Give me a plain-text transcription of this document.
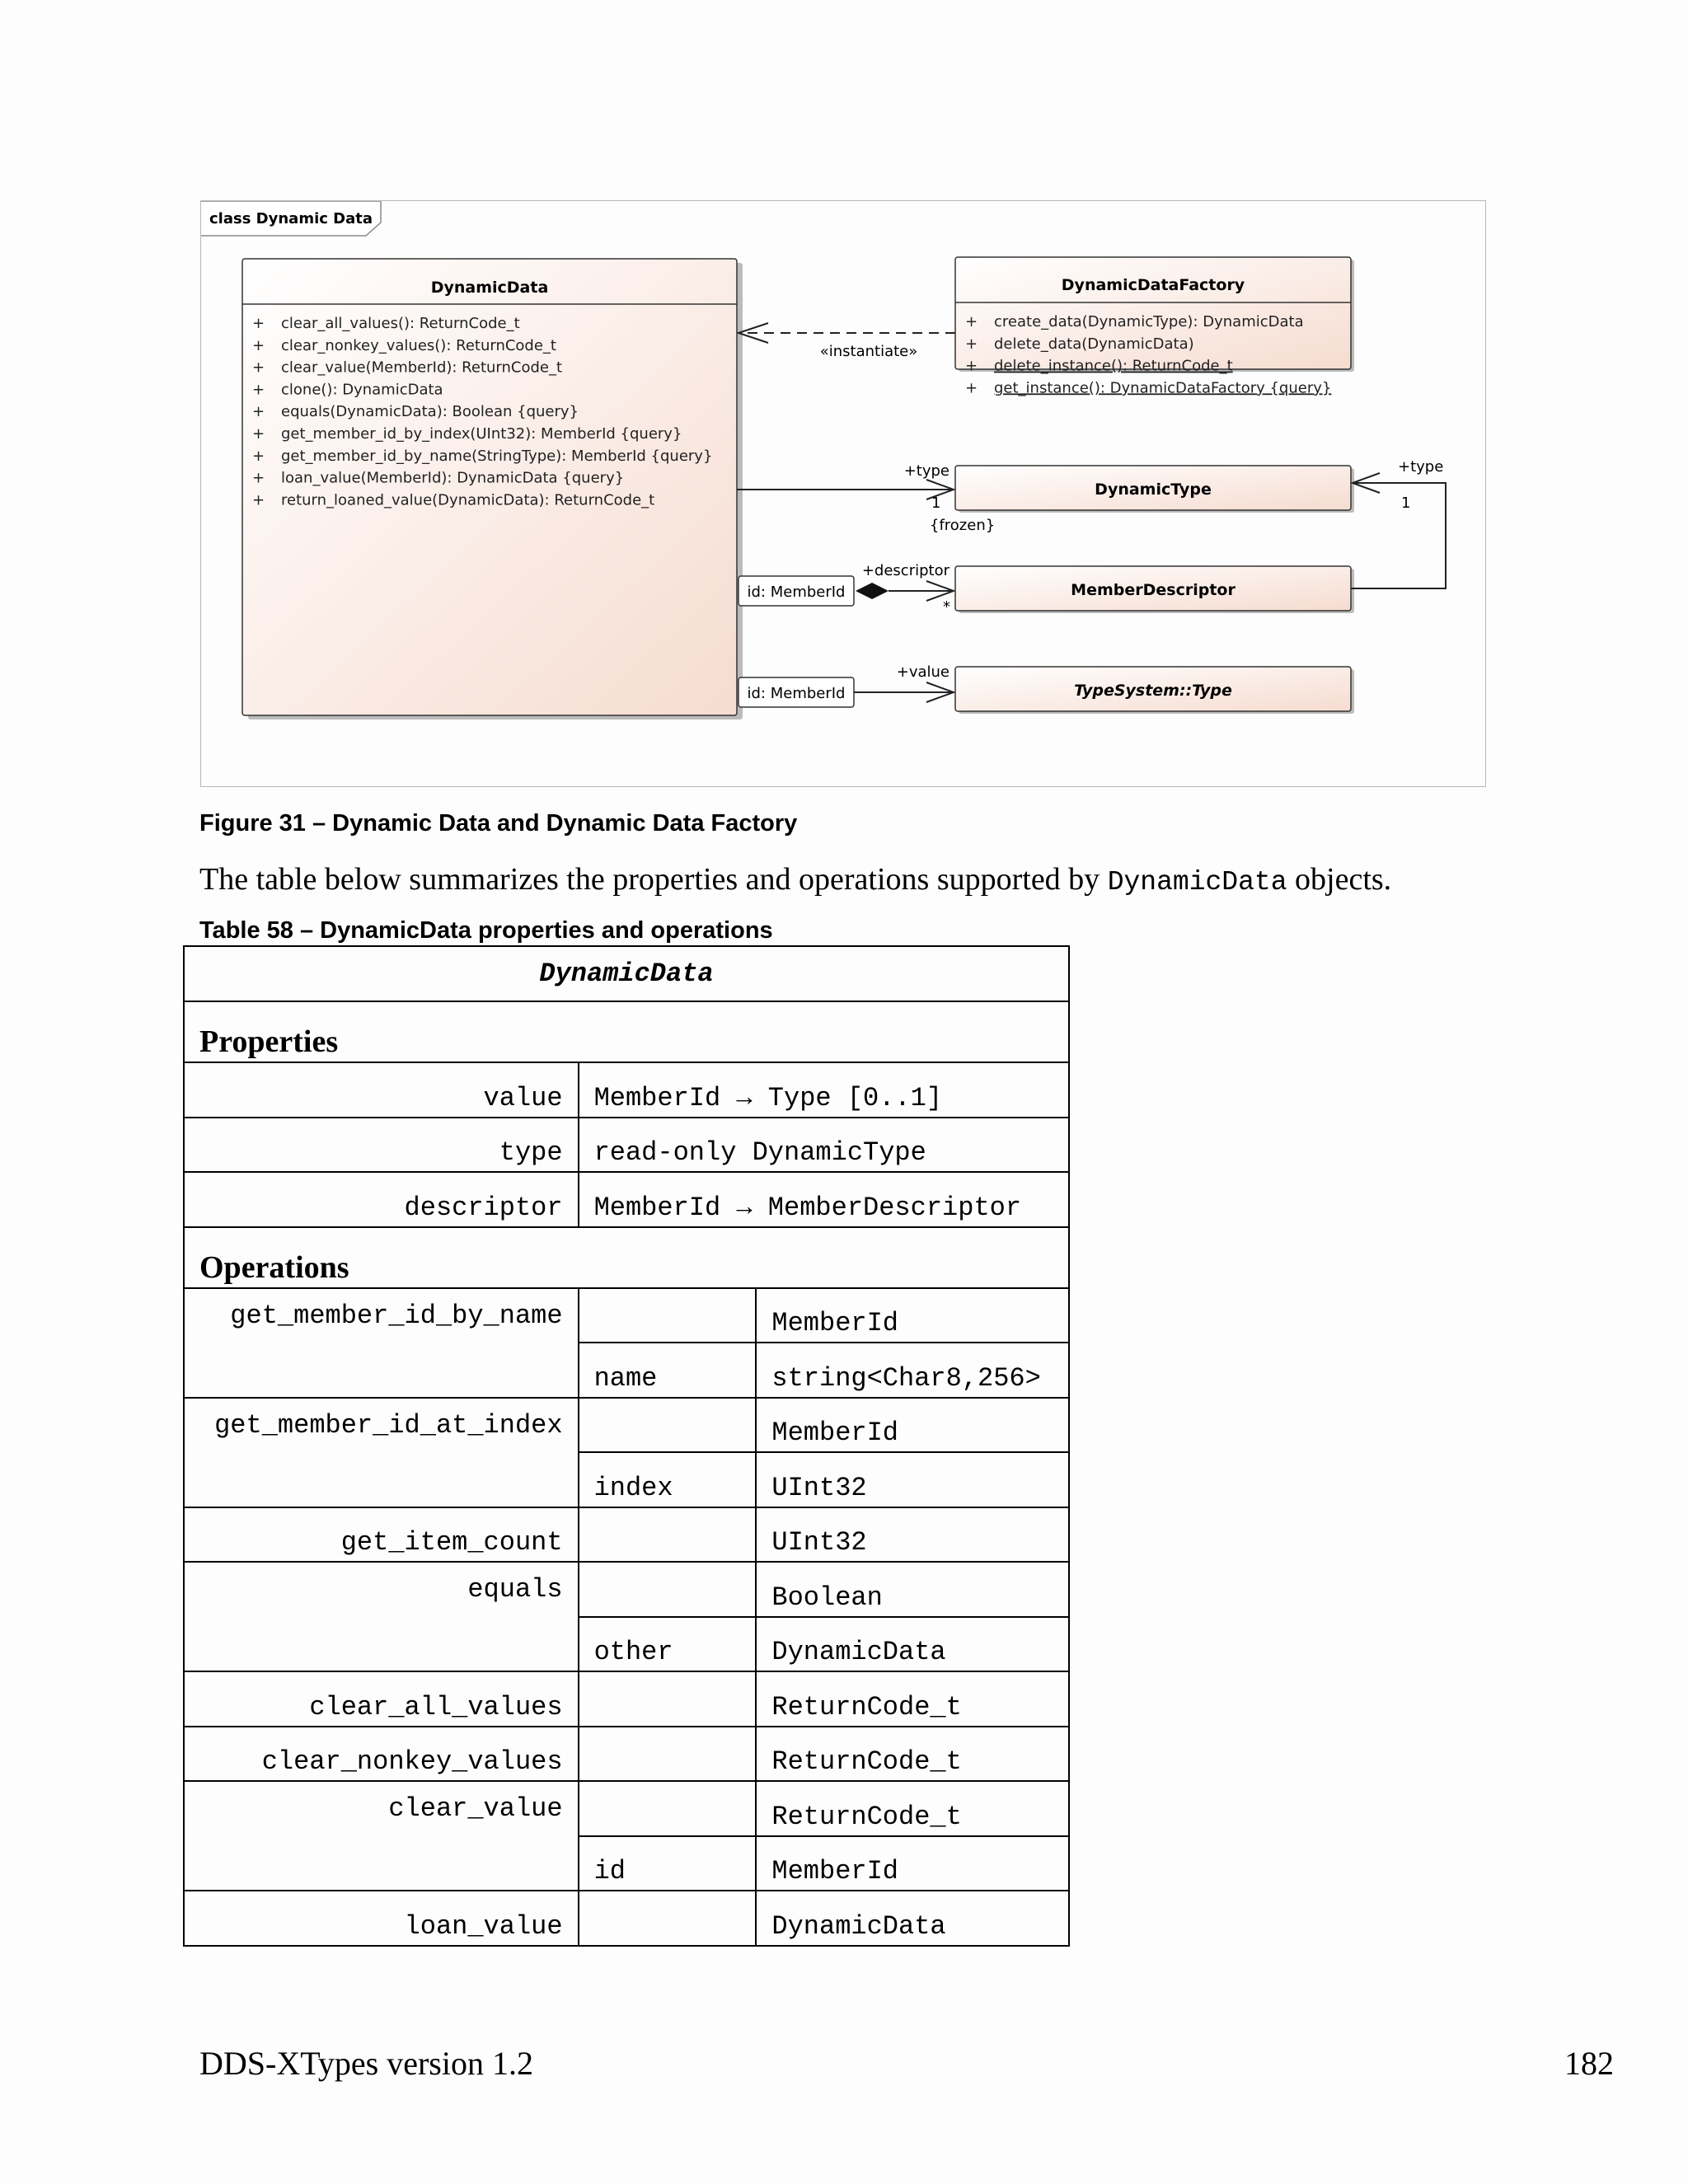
class Dynamic Data
DynamicData
+ clear_all_values(): ReturnCode_t
+ clear_nonkey_values(): ReturnCode_t
+ clear_value(MemberId): ReturnCode_t
+ clone(): DynamicData
+ equals(DynamicData): Boolean {query}
+ get_member_id_by_index(UInt32): MemberId {query}
+ get_member_id_by_name(StringType): MemberId {query}
+ loan_value(MemberId): DynamicData {query}
+ return_loaned_value(DynamicData): ReturnCode_t
DynamicDataFactory
+ create_data(DynamicType): DynamicData
+ delete_data(DynamicData)
+ delete_instance(): ReturnCode_t
+ get_instance(): DynamicDataFactory {query}
DynamicType
MemberDescriptor
TypeSystem::Type
«instantiate»
+type
1
{frozen}
id: MemberId
+descriptor
*
id: MemberId
+value
+type
1
Figure 31 – Dynamic Data and Dynamic Data Factory
The table below summarizes the properties and operations supported by DynamicData objects.
Table 58 – DynamicData properties and operations
DynamicData		
Properties		
value	MemberId → Type [0..1]	
type	read-only DynamicType	
descriptor	MemberId → MemberDescriptor	
Operations		
get_member_id_by_name		MemberId
	name	string<Char8,256>
get_member_id_at_index		MemberId
	index	UInt32
get_item_count		UInt32
equals		Boolean
	other	DynamicData
clear_all_values		ReturnCode_t
clear_nonkey_values		ReturnCode_t
clear_value		ReturnCode_t
	id	MemberId
loan_value		DynamicData
DDS-XTypes version 1.2	182
